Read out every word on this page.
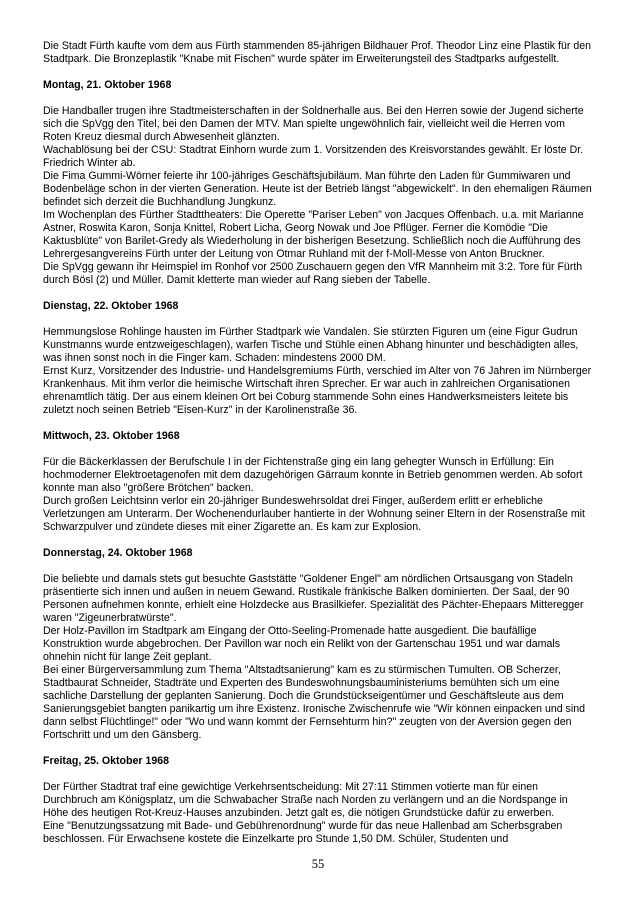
Die Stadt Fürth kaufte vom dem aus Fürth stammenden 85-jährigen Bildhauer Prof. Theodor Linz eine Plastik für den Stadtpark. Die Bronzeplastik "Knabe mit Fischen" wurde später im Erweiterungsteil des Stadtparks aufgestellt.

Montag, 21. Oktober 1968

Die Handballer trugen ihre Stadtmeisterschaften in der Soldnerhalle aus. Bei den Herren sowie der Jugend sicherte sich die SpVgg den Titel, bei den Damen der MTV. Man spielte ungewöhnlich fair, vielleicht weil die Herren vom Roten Kreuz diesmal durch Abwesenheit glänzten.

Wachablösung bei der CSU: Stadtrat Einhorn wurde zum 1. Vorsitzenden des Kreisvorstandes gewählt. Er löste Dr. Friedrich Winter ab.

Die Fima Gummi-Wörner feierte ihr 100-jähriges Geschäftsjubiläum. Man führte den Laden für Gummiwaren und Bodenbeläge schon in der vierten Generation. Heute ist der Betrieb längst "abgewickelt". In den ehemaligen Räumen befindet sich derzeit die Buchhandlung Jungkunz.

Im Wochenplan des Fürther Stadttheaters: Die Operette "Pariser Leben" von Jacques Offenbach. u.a. mit Marianne Astner, Roswita Karon, Sonja Knittel, Robert Licha, Georg Nowak und Joe Pflüger. Ferner die Komödie "Die Kaktusblüte" von Barilet-Gredy als Wiederholung in der bisherigen Besetzung. Schließlich noch die Aufführung des Lehrergesangvereins Fürth unter der Leitung von Otmar Ruhland mit der f-Moll-Messe von Anton Bruckner.

Die SpVgg gewann ihr Heimspiel im Ronhof vor 2500 Zuschauern gegen den VfR Mannheim mit 3:2. Tore für Fürth durch Bösl (2) und Müller. Damit kletterte man wieder auf Rang sieben der Tabelle.

Dienstag, 22. Oktober 1968

Hemmungslose Rohlinge hausten im Fürther Stadtpark wie Vandalen. Sie stürzten Figuren um (eine Figur Gudrun Kunstmanns wurde entzweigeschlagen), warfen Tische und Stühle einen Abhang hinunter und beschädigten alles, was ihnen sonst noch in die Finger kam. Schaden: mindestens 2000 DM.

Ernst Kurz, Vorsitzender des Industrie- und Handelsgremiums Fürth, verschied im Alter von 76 Jahren im Nürnberger Krankenhaus. Mit ihm verlor die heimische Wirtschaft ihren Sprecher. Er war auch in zahlreichen Organisationen ehrenamtlich tätig. Der aus einem kleinen Ort bei Coburg stammende Sohn eines Handwerksmeisters leitete bis zuletzt noch seinen Betrieb "Eisen-Kurz" in der Karolinenstraße 36.

Mittwoch, 23. Oktober 1968

Für die Bäckerklassen der Berufschule I in der Fichtenstraße ging ein lang gehegter Wunsch in Erfüllung: Ein hochmoderner Elektroetagenofen mit dem dazugehörigen Gärraum konnte in Betrieb genommen werden. Ab sofort konnte man also "größere Brötchen" backen.

Durch großen Leichtsinn verlor ein 20-jähriger Bundeswehrsoldat drei Finger, außerdem erlitt er erhebliche Verletzungen am Unterarm. Der Wochenendurlauber hantierte in der Wohnung seiner Eltern in der Rosenstraße mit Schwarzpulver und zündete dieses mit einer Zigarette an. Es kam zur Explosion.

Donnerstag, 24. Oktober 1968

Die beliebte und damals stets gut besuchte Gaststätte "Goldener Engel" am nördlichen Ortsausgang von Stadeln präsentierte sich innen und außen in neuem Gewand. Rustikale fränkische Balken dominierten. Der Saal, der 90 Personen aufnehmen konnte, erhielt eine Holzdecke aus Brasilkiefer. Spezialität des Pächter-Ehepaars Mitteregger waren "Zigeunerbratwürste".

Der Holz-Pavillon im Stadtpark am Eingang der Otto-Seeling-Promenade hatte ausgedient. Die baufällige Konstruktion wurde abgebrochen. Der Pavillon war noch ein Relikt von der Gartenschau 1951 und war damals ohnehin nicht für lange Zeit geplant.

Bei einer Bürgerversammlung zum Thema "Altstadtsanierung" kam es zu stürmischen Tumulten. OB Scherzer, Stadtbaurat Schneider, Stadträte und Experten des Bundeswohnungsbauministeriums bemühten sich um eine sachliche Darstellung der geplanten Sanierung. Doch die Grundstückseigentümer und Geschäftsleute aus dem Sanierungsgebiet bangten panikartig um ihre Existenz. Ironische Zwischenrufe wie "Wir können einpacken und sind dann selbst Flüchtlinge!" oder "Wo und wann kommt der Fernsehturm hin?" zeugten von der Aversion gegen den Fortschritt und um den Gänsberg.

Freitag, 25. Oktober 1968

Der Fürther Stadtrat traf eine gewichtige Verkehrsentscheidung: Mit 27:11 Stimmen votierte man für einen Durchbruch am Königsplatz, um die Schwabacher Straße nach Norden zu verlängern und an die Nordspange in Höhe des heutigen Rot-Kreuz-Hauses anzubinden. Jetzt galt es, die nötigen Grundstücke dafür zu erwerben.

Eine "Benutzungssatzung mit Bade- und Gebührenordnung" wurde für das neue Hallenbad am Scherbsgraben beschlossen. Für Erwachsene kostete die Einzelkarte pro Stunde 1,50 DM. Schüler, Studenten und

55
